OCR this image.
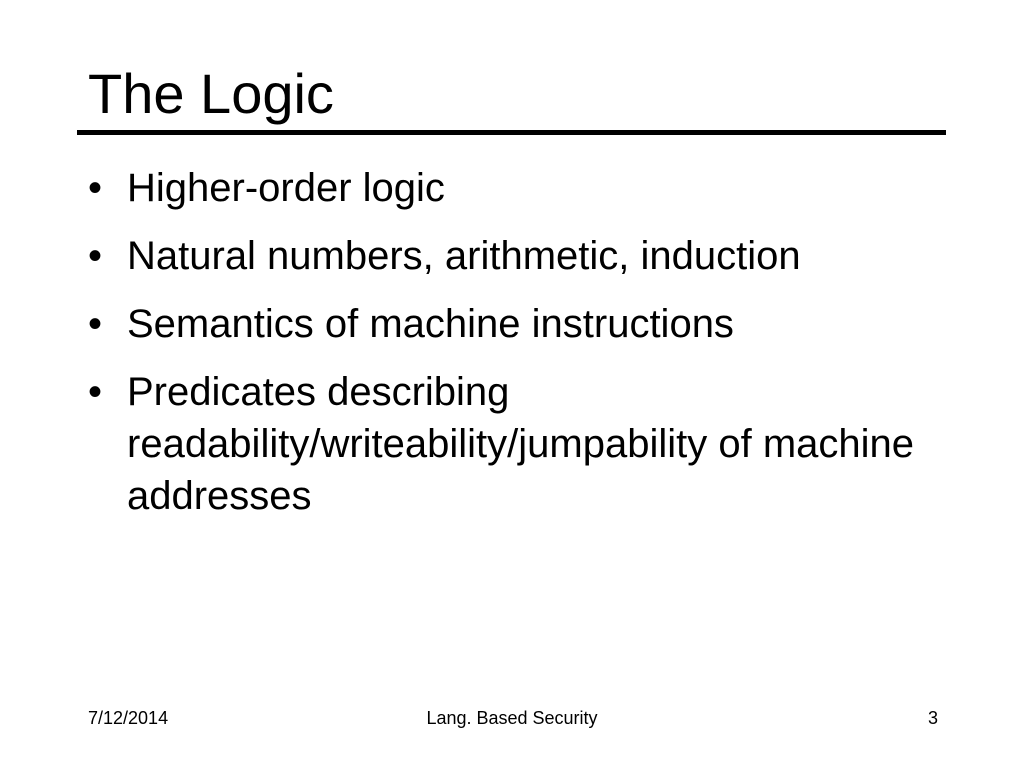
The Logic
• Higher-order logic
• Natural numbers, arithmetic, induction
• Semantics of machine instructions
• Predicates describing readability/writeability/jumpability of machine addresses
7/12/2014	Lang. Based Security	3
